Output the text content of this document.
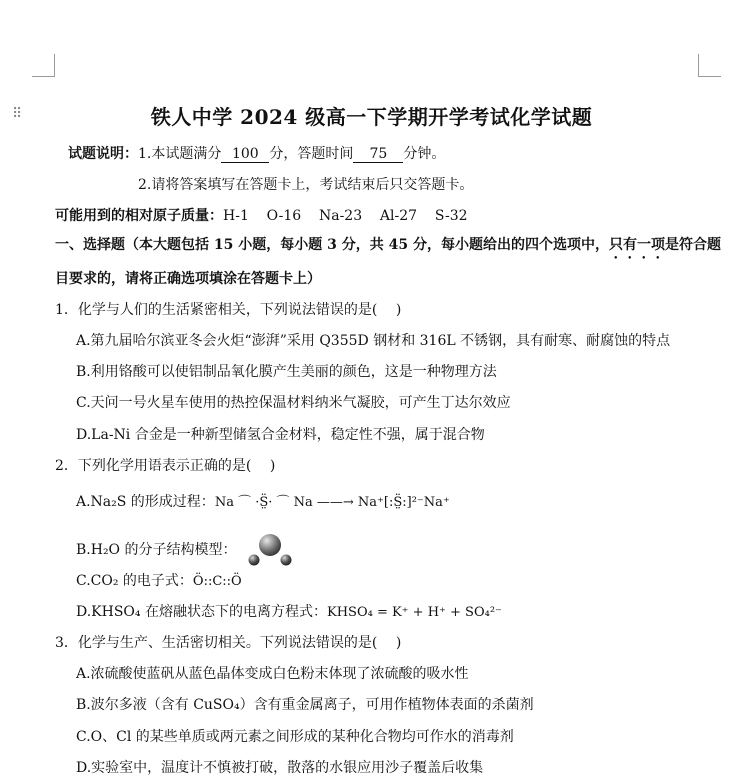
⠿	铁人中学 2024 级高一下学期开学考试化学试题
试题说明：1.本试题满分 100 分，答题时间 75 分钟。
2.请将答案填写在答题卡上，考试结束后只交答题卡。
可能用到的相对原子质量：H-1    O-16    Na-23    Al-27    S-32
一、选择题（本大题包括 15 小题，每小题 3 分，共 45 分，每小题给出的四个选项中，只有一项是符合题
目要求的，请将正确选项填涂在答题卡上）
1．化学与人们的生活紧密相关，下列说法错误的是(　 )
A.第九届哈尔滨亚冬会火炬“澎湃”采用 Q355D 钢材和 316L 不锈钢，具有耐寒、耐腐蚀的特点
B.利用铬酸可以使铝制品氧化膜产生美丽的颜色，这是一种物理方法
C.天问一号火星车使用的热控保温材料纳米气凝胶，可产生丁达尔效应
D.La-Ni 合金是一种新型储氢合金材料，稳定性不强，属于混合物
2．下列化学用语表示正确的是(　 )
A.Na₂S 的形成过程：Na ⌒ ·S̤̈· ⌒ Na ——→ Na⁺[:S̤̈:]²⁻Na⁺
B.H₂O 的分子结构模型：
C.CO₂ 的电子式：Ö::C::Ö
D.KHSO₄ 在熔融状态下的电离方程式：KHSO₄ = K⁺ + H⁺ + SO₄²⁻
3．化学与生产、生活密切相关。下列说法错误的是(　 )
A.浓硫酸使蓝矾从蓝色晶体变成白色粉末体现了浓硫酸的吸水性
B.波尔多液（含有 CuSO₄）含有重金属离子，可用作植物体表面的杀菌剂
C.O、Cl 的某些单质或两元素之间形成的某种化合物均可作水的消毒剂
D.实验室中，温度计不慎被打破，散落的水银应用沙子覆盖后收集
